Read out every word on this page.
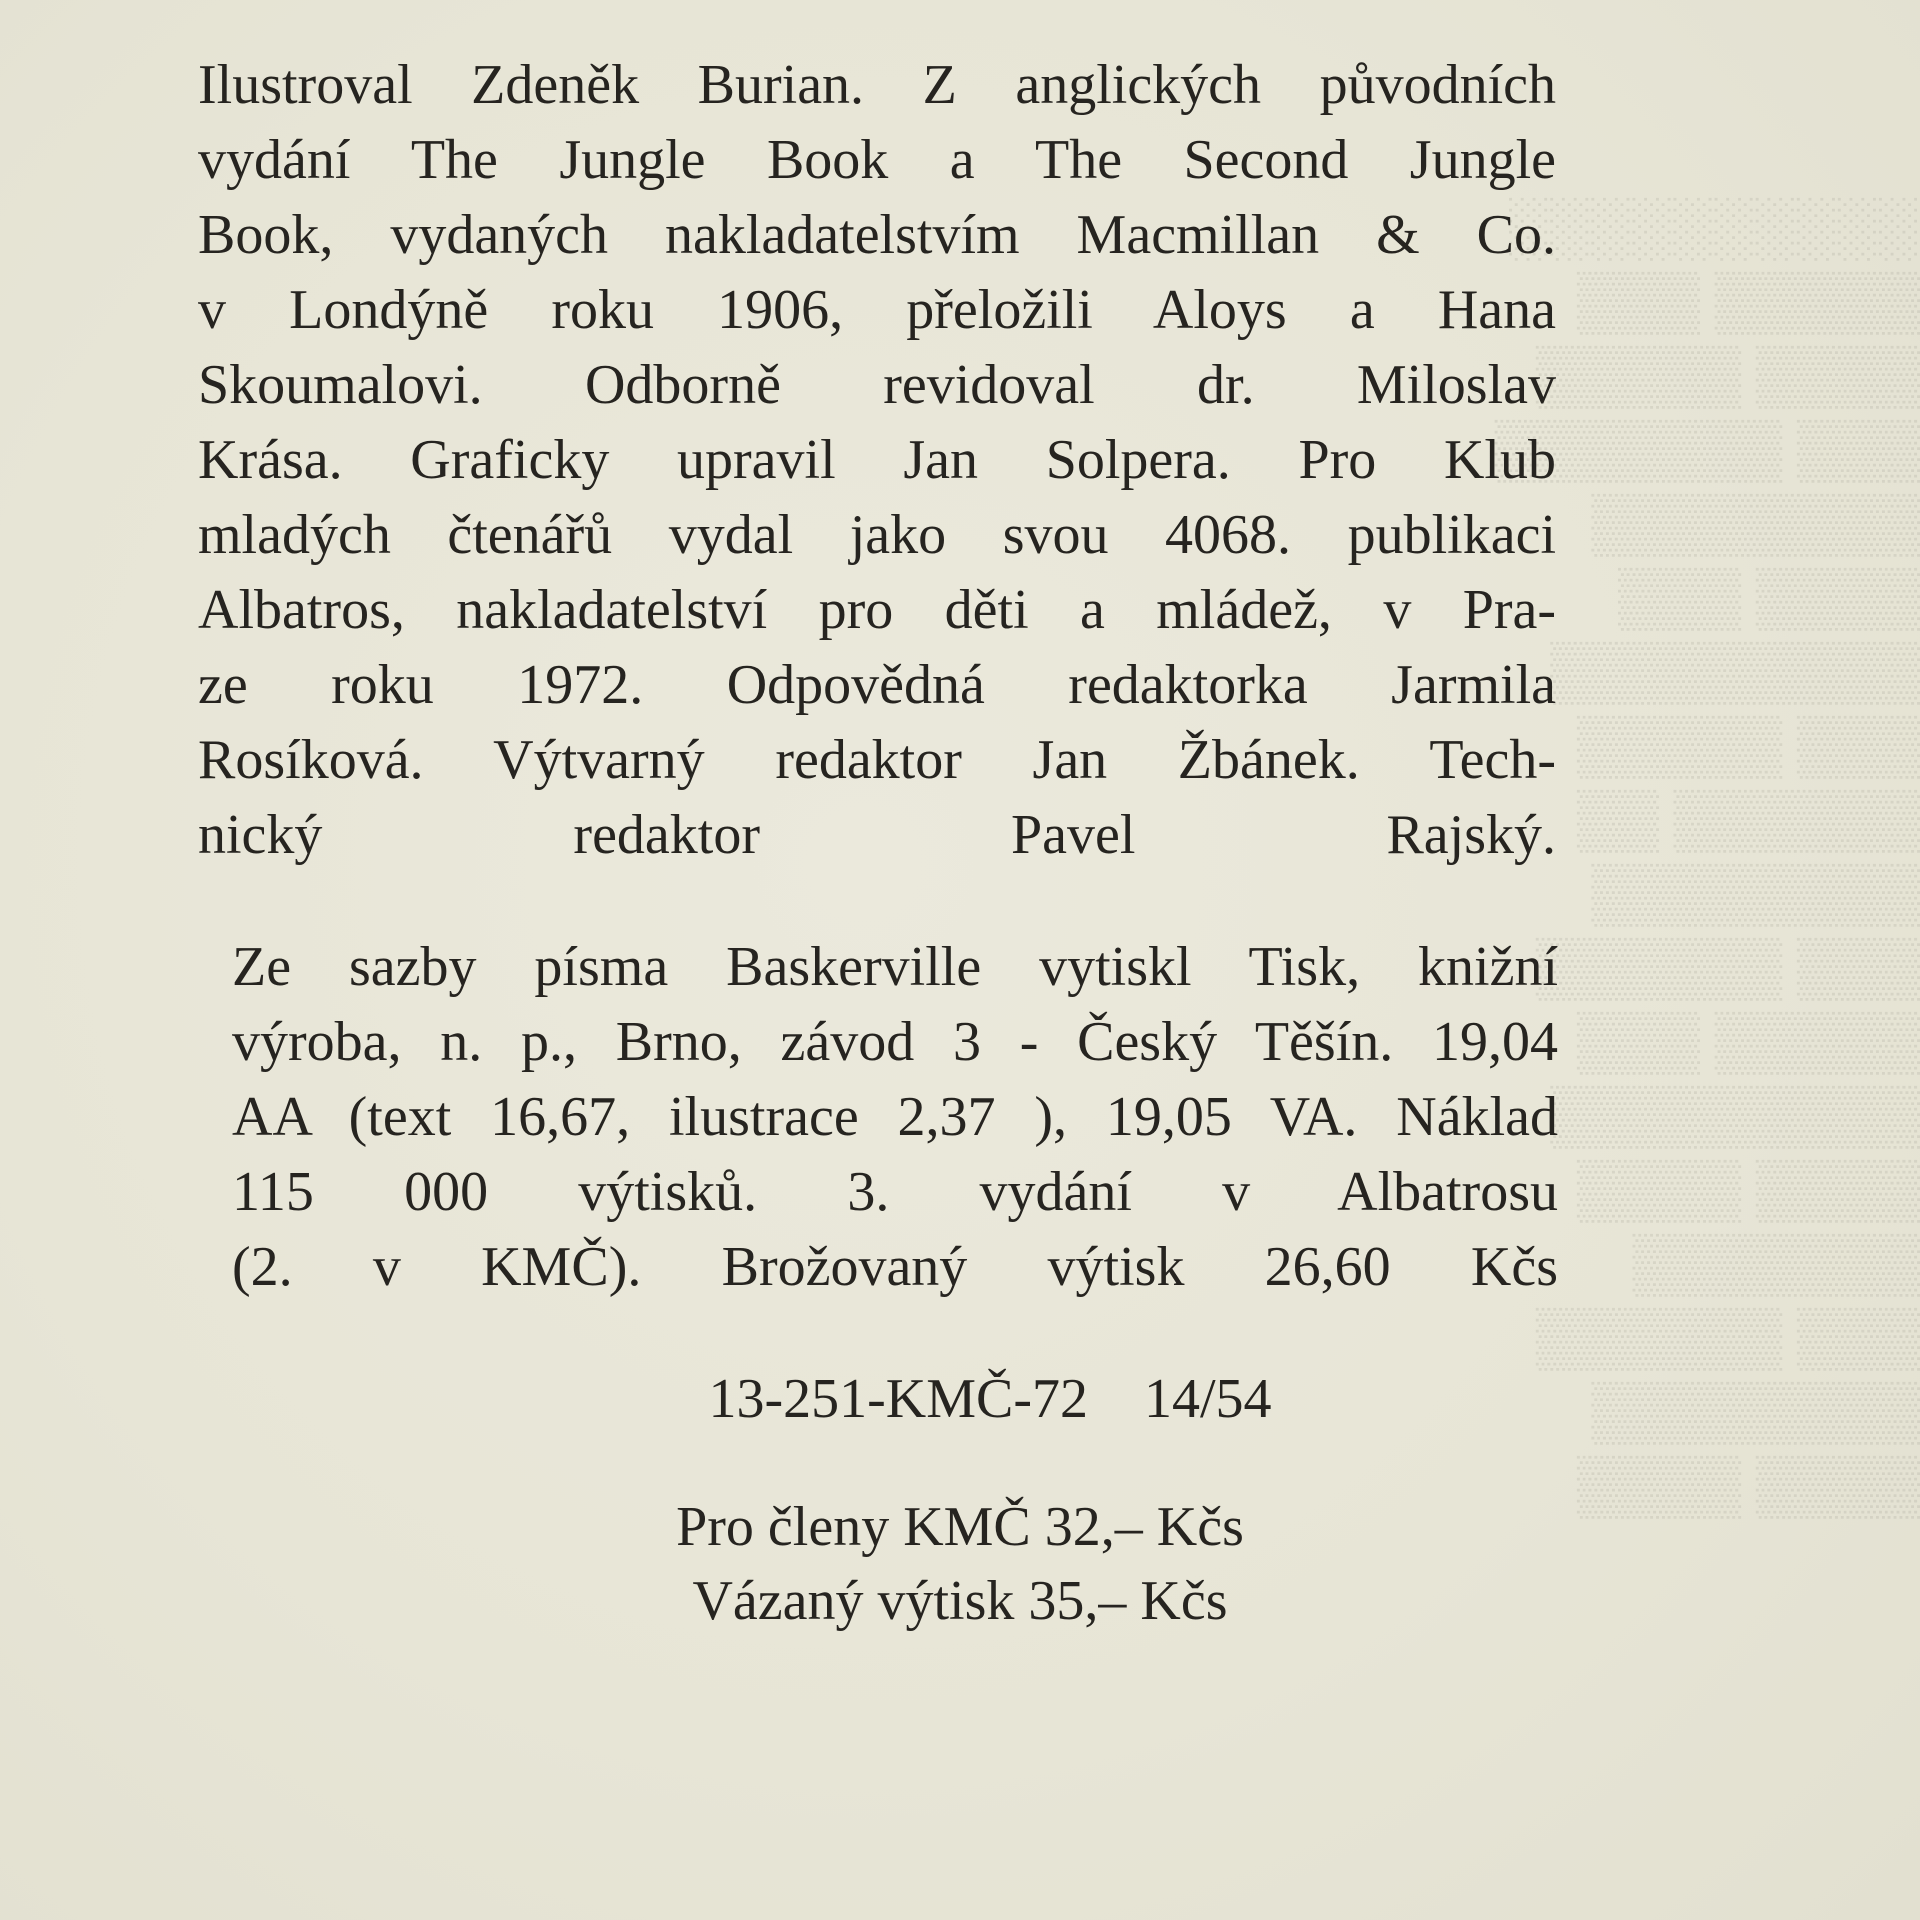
░░░░░░░░░░
▒▒▒▒▒ ▒▒▒
▒▒▒▒ ▒▒▒▒▒
▒▒▒ ▒▒▒▒▒▒▒
▒▒▒▒▒▒▒▒
▒▒▒▒ ▒▒▒
▒▒▒▒▒▒▒▒▒
▒▒▒ ▒▒▒▒▒
▒▒▒▒▒▒ ▒▒
▒▒▒▒▒▒▒▒
▒▒▒ ▒▒▒▒▒▒
▒▒▒▒▒ ▒▒▒
▒▒▒▒▒▒▒▒▒
▒▒▒▒ ▒▒▒▒
▒▒▒▒▒▒▒
▒▒▒ ▒▒▒▒▒▒
▒▒▒▒▒▒▒▒
▒▒▒▒ ▒▒▒▒
Ilustroval Zdeněk Burian. Z anglických původních
vydání The Jungle Book a The Second Jungle
Book, vydaných nakladatelstvím Macmillan & Co.
v Londýně roku 1906, přeložili Aloys a Hana
Skoumalovi. Odborně revidoval dr. Miloslav
Krása. Graficky upravil Jan Solpera. Pro Klub
mladých čtenářů vydal jako svou 4068. publikaci
Albatros, nakladatelství pro děti a mládež, v Pra-
ze roku 1972. Odpovědná redaktorka Jarmila
Rosíková. Výtvarný redaktor Jan Žbánek. Tech-
nický redaktor Pavel Rajský.
Ze sazby písma Baskerville vytiskl Tisk, knižní
výroba, n. p., Brno, závod 3 - Český Těšín. 19,04
AA (text 16,67, ilustrace 2,37 ), 19,05 VA. Náklad
115 000 výtisků. 3. vydání v Albatrosu
(2. v KMČ). Brožovaný výtisk 26,60 Kčs
13-251-KMČ-72    14/54
Pro členy KMČ 32,– Kčs
Vázaný výtisk 35,– Kčs
